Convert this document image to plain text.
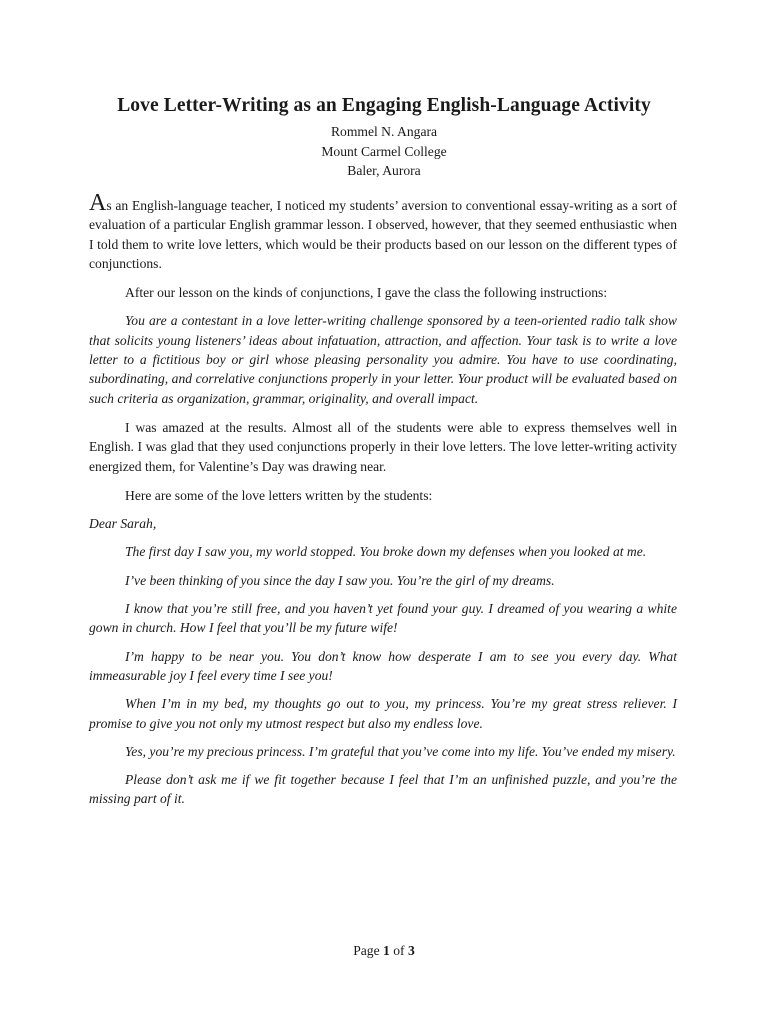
Love Letter-Writing as an Engaging English-Language Activity
Rommel N. Angara
Mount Carmel College
Baler, Aurora

As an English-language teacher, I noticed my students’ aversion to conventional essay-writing as a sort of evaluation of a particular English grammar lesson. I observed, however, that they seemed enthusiastic when I told them to write love letters, which would be their products based on our lesson on the different types of conjunctions.

After our lesson on the kinds of conjunctions, I gave the class the following instructions:

You are a contestant in a love letter-writing challenge sponsored by a teen-oriented radio talk show that solicits young listeners’ ideas about infatuation, attraction, and affection. Your task is to write a love letter to a fictitious boy or girl whose pleasing personality you admire. You have to use coordinating, subordinating, and correlative conjunctions properly in your letter. Your product will be evaluated based on such criteria as organization, grammar, originality, and overall impact.

I was amazed at the results. Almost all of the students were able to express themselves well in English. I was glad that they used conjunctions properly in their love letters. The love letter-writing activity energized them, for Valentine’s Day was drawing near.

Here are some of the love letters written by the students:

Dear Sarah,

The first day I saw you, my world stopped. You broke down my defenses when you looked at me.

I’ve been thinking of you since the day I saw you. You’re the girl of my dreams.

I know that you’re still free, and you haven’t yet found your guy. I dreamed of you wearing a white gown in church. How I feel that you’ll be my future wife!

I’m happy to be near you. You don’t know how desperate I am to see you every day. What immeasurable joy I feel every time I see you!

When I’m in my bed, my thoughts go out to you, my princess. You’re my great stress reliever. I promise to give you not only my utmost respect but also my endless love.

Yes, you’re my precious princess. I’m grateful that you’ve come into my life. You’ve ended my misery.

Please don’t ask me if we fit together because I feel that I’m an unfinished puzzle, and you’re the missing part of it.

Page 1 of 3
